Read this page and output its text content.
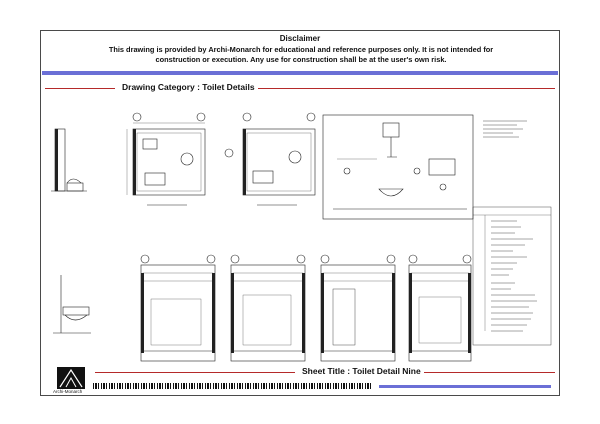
Disclaimer
This drawing is provided by Archi-Monarch for educational and reference purposes only. It is not intended for
construction or execution. Any use for construction shall be at the user's own risk.
Drawing Category : Toilet Details
Archi-Monarch
Sheet Title : Toilet Detail Nine
